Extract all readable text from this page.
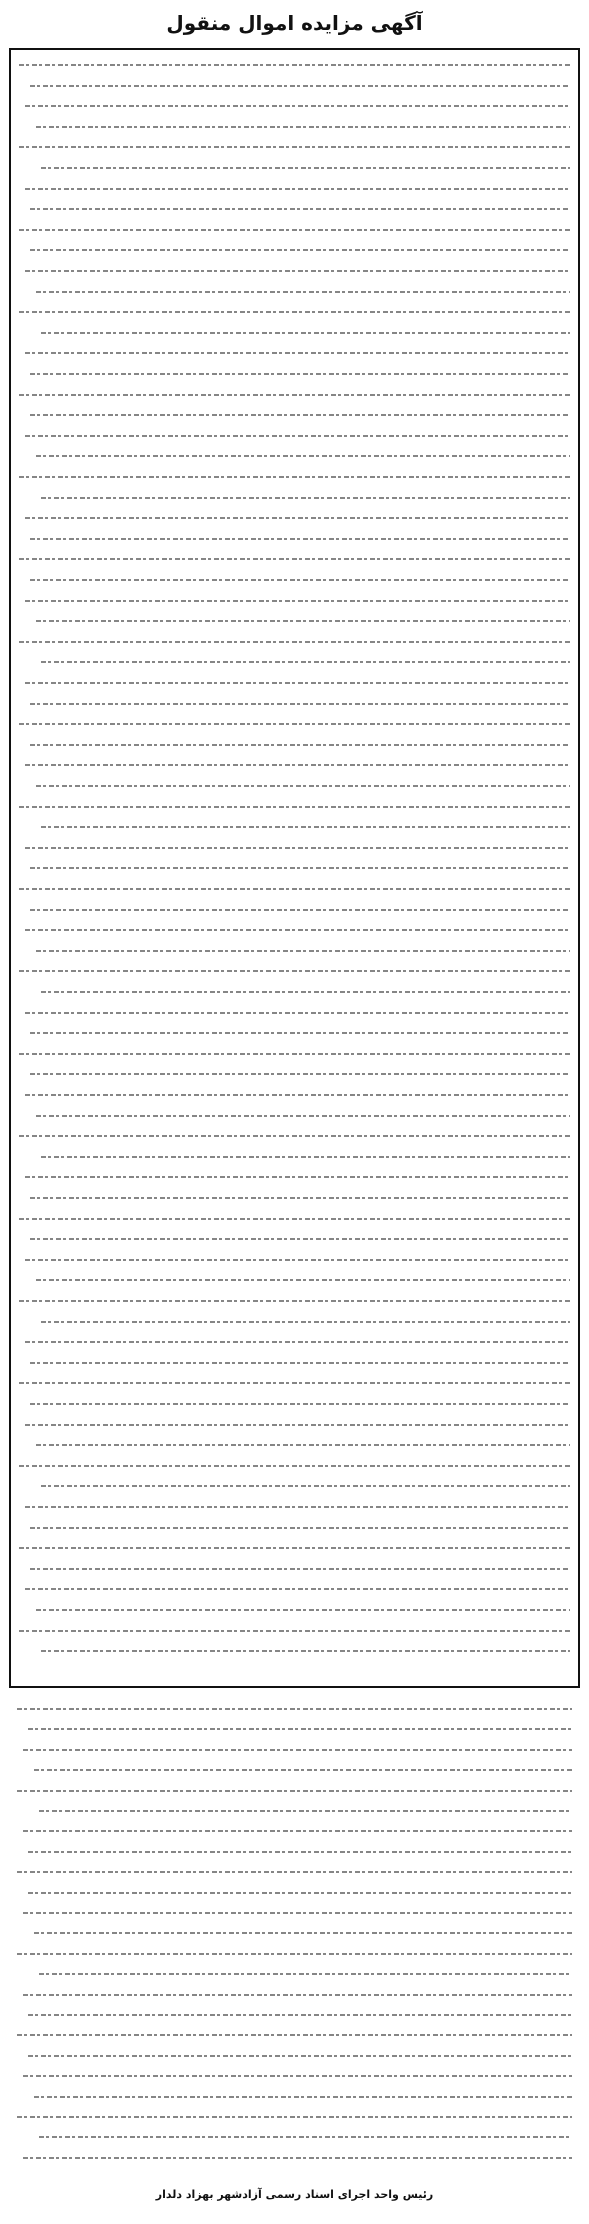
آگهی مزایده اموال منقول
رئیس واحد اجرای اسناد رسمی آزادشهر بهزاد دلدار
